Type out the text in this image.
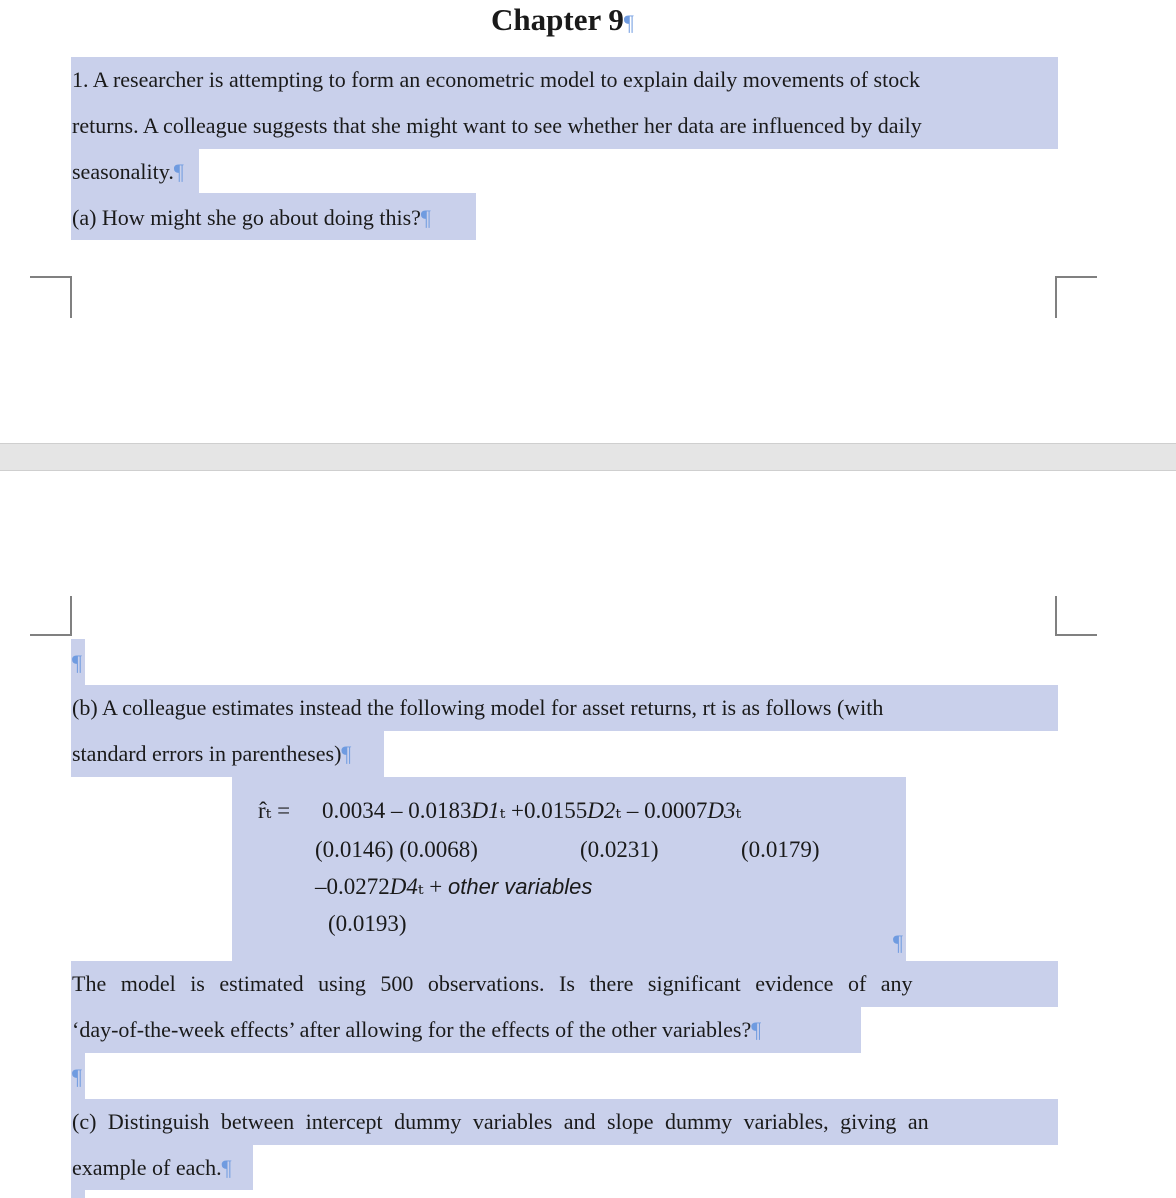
Chapter 9¶
1. A researcher is attempting to form an econometric model to explain daily movements of stock
returns. A colleague suggests that she might want to see whether her data are influenced by daily
seasonality.¶
(a) How might she go about doing this?¶
¶
(b) A colleague estimates instead the following model for asset returns, rt is as follows (with
standard errors in parentheses)¶
r̂ₜ = 0.0034 – 0.0183D1ₜ +0.0155D2ₜ – 0.0007D3ₜ
(0.0146) (0.0068)	(0.0231)	(0.0179)
–0.0272D4ₜ + other variables
(0.0193)
¶
The model is estimated using 500 observations. Is there significant evidence of any
‘day-of-the-week effects’ after allowing for the effects of the other variables?¶
¶
(c) Distinguish between intercept dummy variables and slope dummy variables, giving an
example of each.¶
